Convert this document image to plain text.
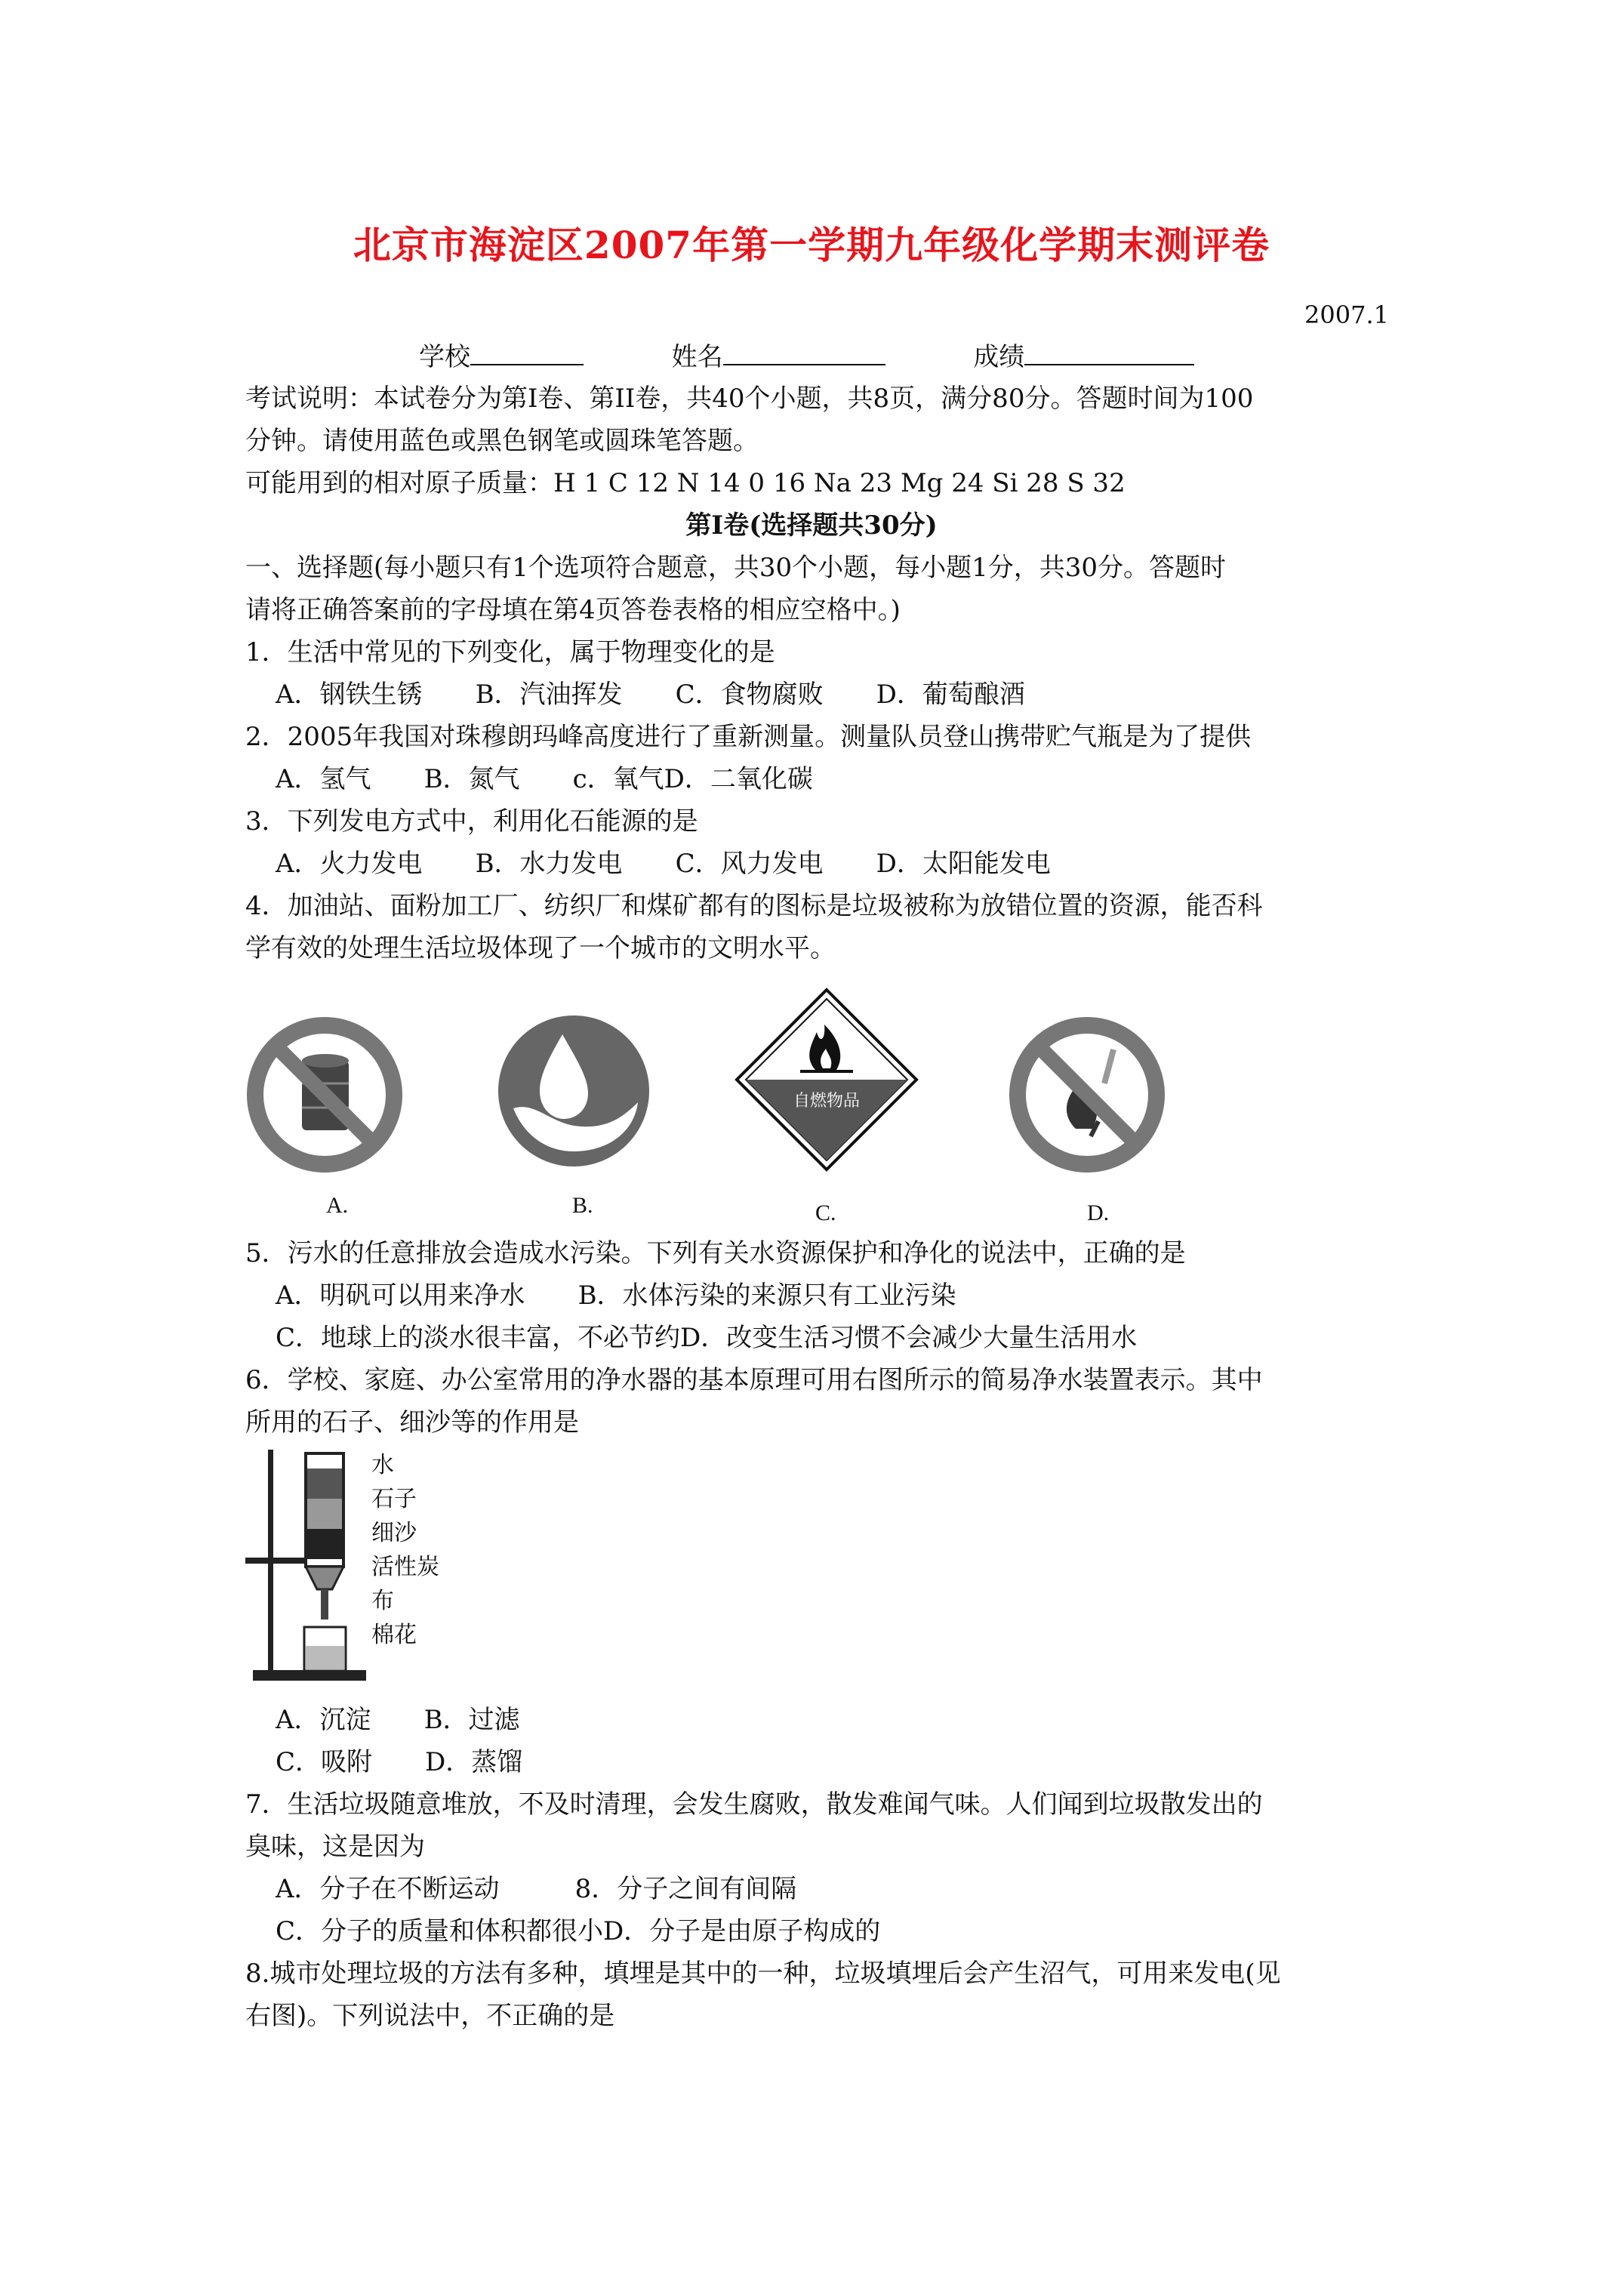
北京市海淀区2007年第一学期九年级化学期末测评卷
2007.1
学校	姓名	成绩
考试说明：本试卷分为第I卷、第II卷，共40个小题，共8页，满分80分。答题时间为100
分钟。请使用蓝色或黑色钢笔或圆珠笔答题。
可能用到的相对原子质量：H 1 C 12 N 14 0 16 Na 23 Mg 24 Si 28 S 32
第I卷(选择题共30分)
一、选择题(每小题只有1个选项符合题意，共30个小题，每小题1分，共30分。答题时
请将正确答案前的字母填在第4页答卷表格的相应空格中。)
1．生活中常见的下列变化，属于物理变化的是
A．钢铁生锈 B．汽油挥发 C．食物腐败 D．葡萄酿酒
2．2005年我国对珠穆朗玛峰高度进行了重新测量。测量队员登山携带贮气瓶是为了提供
A．氢气 B．氮气 c．氧气D．二氧化碳
3．下列发电方式中，利用化石能源的是
A．火力发电 B．水力发电 C．风力发电 D．太阳能发电
4．加油站、面粉加工厂、纺织厂和煤矿都有的图标是垃圾被称为放错位置的资源，能否科
学有效的处理生活垃圾体现了一个城市的文明水平。
A.	B.
自燃物品
C.	D.
5．污水的任意排放会造成水污染。下列有关水资源保护和净化的说法中，正确的是
A．明矾可以用来净水 B．水体污染的来源只有工业污染
C．地球上的淡水很丰富，不必节约D．改变生活习惯不会减少大量生活用水
6．学校、家庭、办公室常用的净水器的基本原理可用右图所示的简易净水装置表示。其中
所用的石子、细沙等的作用是
水
石子
细沙
活性炭
布
棉花
A．沉淀 B．过滤
C．吸附 D．蒸馏
7．生活垃圾随意堆放，不及时清理，会发生腐败，散发难闻气味。人们闻到垃圾散发出的
臭味，这是因为
A．分子在不断运动	8．分子之间有间隔
C．分子的质量和体积都很小D．分子是由原子构成的
8.城市处理垃圾的方法有多种，填埋是其中的一种，垃圾填埋后会产生沼气，可用来发电(见
右图)。下列说法中，不正确的是
